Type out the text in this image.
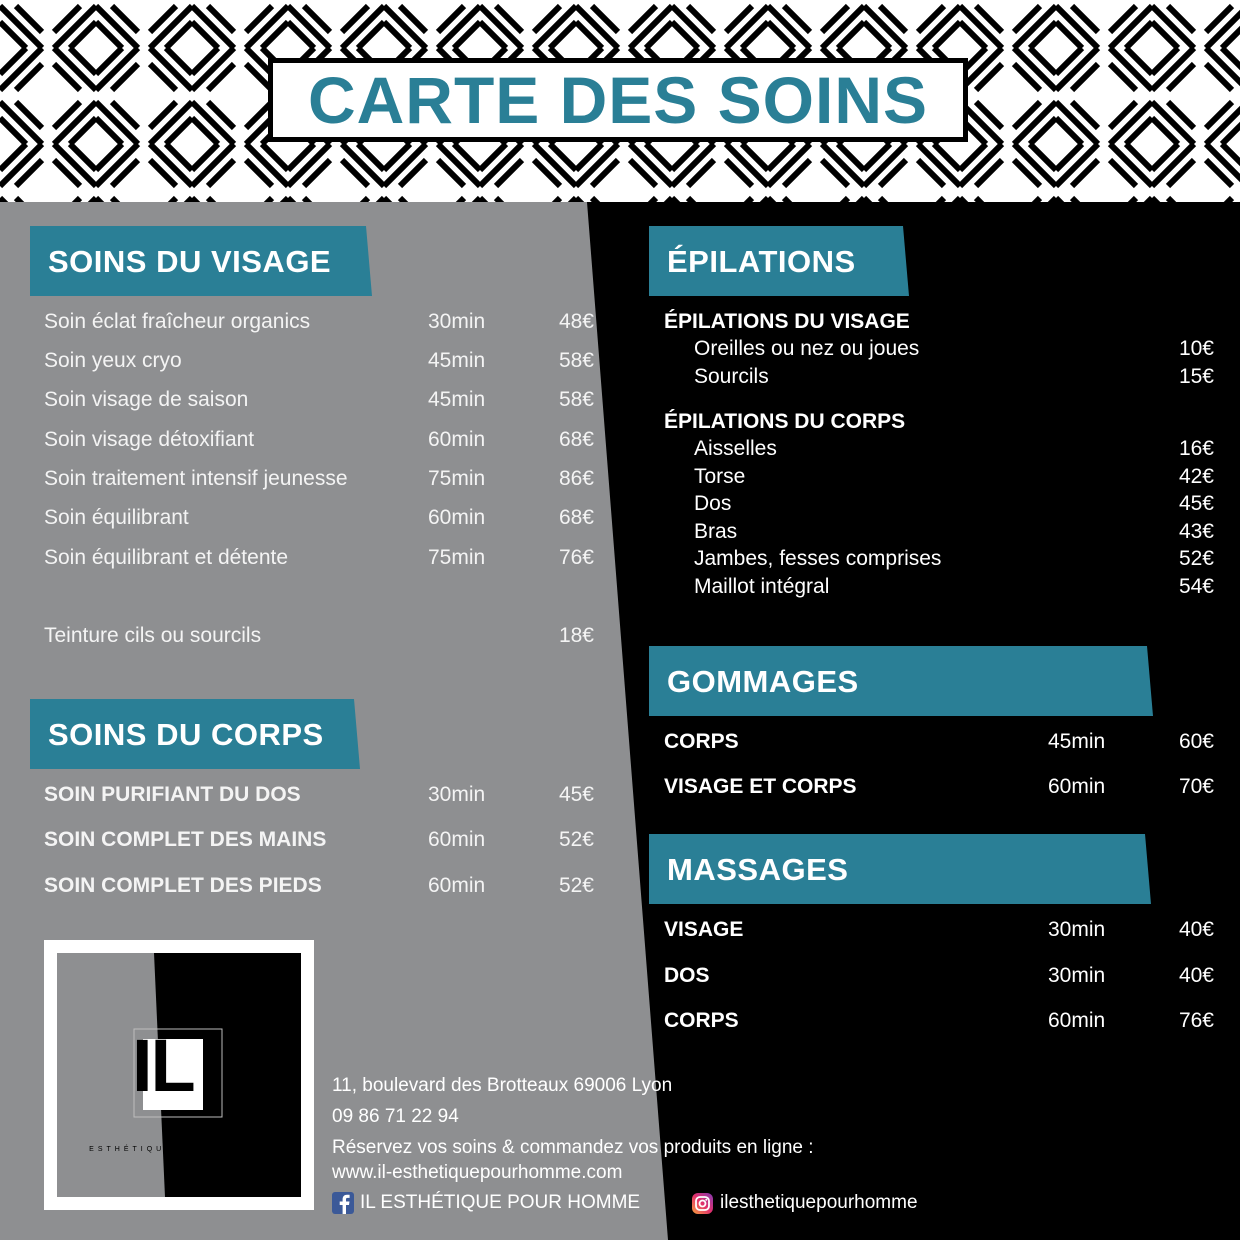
CARTE DES SOINS
SOINS DU VISAGE
Soin éclat fraîcheur organics	30min	48€
Soin yeux cryo	45min	58€
Soin visage de saison	45min	58€
Soin visage détoxifiant	60min	68€
Soin traitement intensif jeunesse	75min	86€
Soin équilibrant	60min	68€
Soin équilibrant et détente	75min	76€
Teinture cils ou sourcils	18€
SOINS DU CORPS
SOIN PURIFIANT DU DOS	30min	45€
SOIN COMPLET DES MAINS	60min	52€
SOIN COMPLET DES PIEDS	60min	52€
ÉPILATIONS
ÉPILATIONS DU VISAGE
Oreilles ou nez ou joues	10€
Sourcils	15€
ÉPILATIONS DU CORPS
Aisselles	16€
Torse	42€
Dos	45€
Bras	43€
Jambes, fesses comprises	52€
Maillot intégral	54€
GOMMAGES
CORPS	45min	60€
VISAGE ET CORPS	60min	70€
MASSAGES
VISAGE	30min	40€
DOS	30min	40€
CORPS	60min	76€
IL
ESTHÉTIQUE POUR HOMME
11, boulevard des Brotteaux 69006 Lyon
09 86 71 22 94
Réservez vos soins & commandez vos produits en ligne :
www.il-esthetiquepourhomme.com
IL ESTHÉTIQUE POUR HOMME	ilesthetiquepourhomme
